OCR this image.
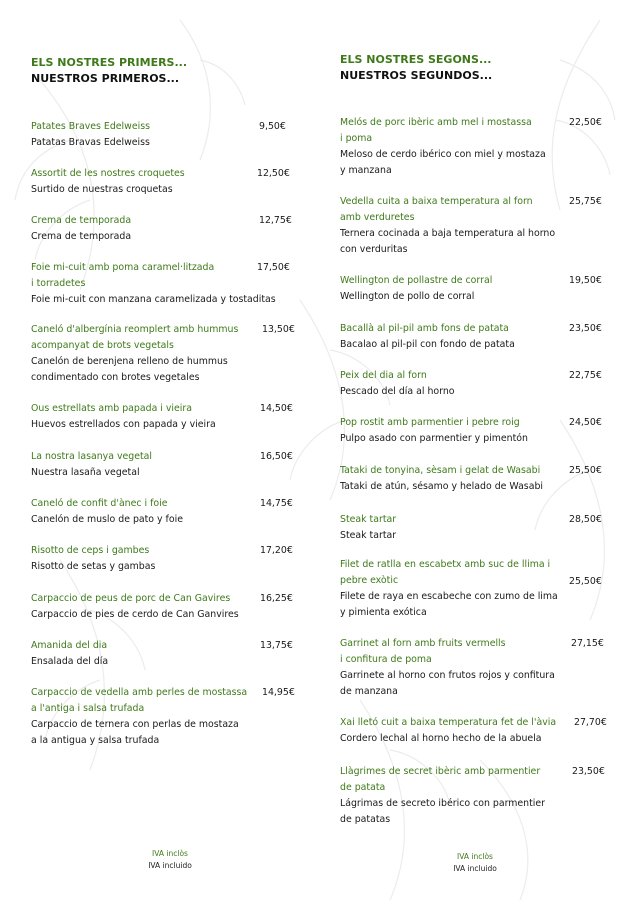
ELS NOSTRES PRIMERS...
NUESTROS PRIMEROS...
Patates Braves Edelweiss
Patatas Bravas Edelweiss
9,50€
Assortit de les nostres croquetes
Surtido de nuestras croquetas
12,50€
Crema de temporada
Crema de temporada
12,75€
Foie mi-cuit amb poma caramel·litzada
i torradetes
Foie mi-cuit con manzana caramelizada y tostaditas
17,50€
Caneló d'albergínia reomplert amb hummus
acompanyat de brots vegetals
Canelón de berenjena relleno de hummus
condimentado con brotes vegetales
13,50€
Ous estrellats amb papada i vieira
Huevos estrellados con papada y vieira
14,50€
La nostra lasanya vegetal
Nuestra lasaña vegetal
16,50€
Caneló de confit d'ànec i foie
Canelón de muslo de pato y foie
14,75€
Risotto de ceps i gambes
Risotto de setas y gambas
17,20€
Carpaccio de peus de porc de Can Gavires
Carpaccio de pies de cerdo de Can Ganvires
16,25€
Amanida del dia
Ensalada del día
13,75€
Carpaccio de vedella amb perles de mostassa
a l'antiga i salsa trufada
Carpaccio de ternera con perlas de mostaza
a la antigua y salsa trufada
14,95€
IVA inclòs
IVA incluido
ELS NOSTRES SEGONS...
NUESTROS SEGUNDOS...
Melós de porc ibèric amb mel i mostassa
i poma
Meloso de cerdo ibérico con miel y mostaza
y manzana
22,50€
Vedella cuita a baixa temperatura al forn
amb verduretes
Ternera cocinada a baja temperatura al horno
con verduritas
25,75€
Wellington de pollastre de corral
Wellington de pollo de corral
19,50€
Bacallà al pil-pil amb fons de patata
Bacalao al pil-pil con fondo de patata
23,50€
Peix del dia al forn
Pescado del día al horno
22,75€
Pop rostit amb parmentier i pebre roig
Pulpo asado con parmentier y pimentón
24,50€
Tataki de tonyina, sèsam i gelat de Wasabi
Tataki de atún, sésamo y helado de Wasabi
25,50€
Steak tartar
Steak tartar
28,50€
Filet de ratlla en escabetx amb suc de llima i
pebre exòtic
Filete de raya en escabeche con zumo de lima
y pimienta exótica
25,50€
Garrinet al forn amb fruits vermells
i confitura de poma
Garrinete al horno con frutos rojos y confitura
de manzana
27,15€
Xai lletó cuit a baixa temperatura fet de l'àvia
Cordero lechal al horno hecho de la abuela
27,70€
Llàgrimes de secret ibèric amb parmentier
de patata
Lágrimas de secreto ibérico con parmentier
de patatas
23,50€
IVA inclòs
IVA incluido
